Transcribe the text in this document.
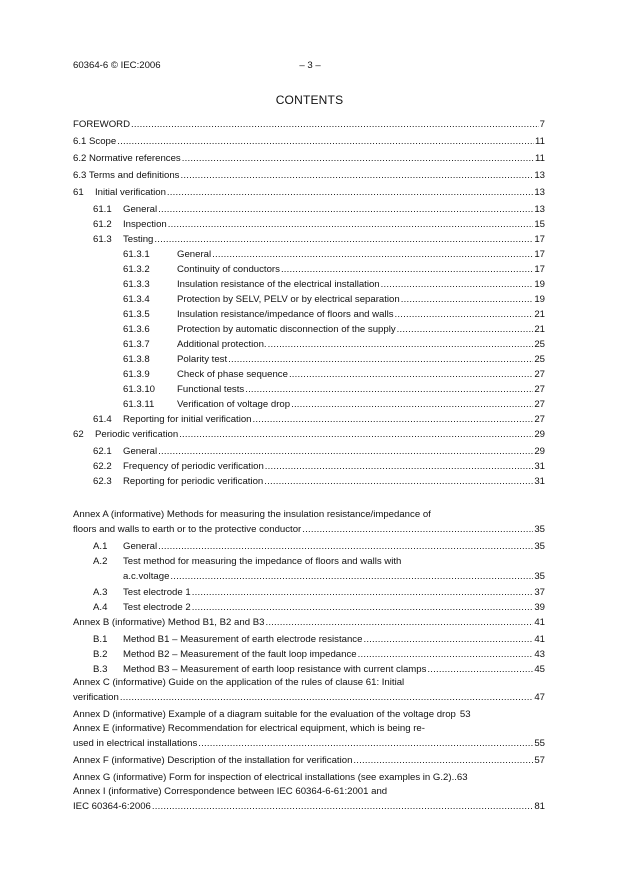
60364-6 © IEC:2006	– 3 –
CONTENTS
FOREWORD .....	7
6.1 Scope .....	11
6.2 Normative references .....	11
6.3 Terms and definitions .....	13
61	Initial verification .....	13
61.1	General .....	13
61.2	Inspection .....	15
61.3	Testing .....	17
61.3.1	General .....	17
61.3.2	Continuity of conductors .....	17
61.3.3	Insulation resistance of the electrical installation .....	19
61.3.4	Protection by SELV, PELV or by electrical separation .....	19
61.3.5	Insulation resistance/impedance of floors and walls .....	21
61.3.6	Protection by automatic disconnection of the supply .....	21
61.3.7	Additional protection. .....	25
61.3.8	Polarity test .....	25
61.3.9	Check of phase sequence .....	27
61.3.10	Functional tests .....	27
61.3.11	Verification of voltage drop .....	27
61.4	Reporting for initial verification .....	27
62	Periodic verification .....	29
62.1	General .....	29
62.2	Frequency of periodic verification .....	31
62.3	Reporting for periodic verification .....	31
Annex A (informative) Methods for measuring the insulation resistance/impedance of
floors and walls to earth or to the protective conductor .....	35
A.1	General .....	35
A.2 Test method for measuring the impedance of floors and walls with
a.c.voltage .....	35
A.3	Test electrode 1 .....	37
A.4	Test electrode 2 .....	39
Annex B (informative) Method B1, B2 and B3 .....	41
B.1	Method B1 – Measurement of earth electrode resistance .....	41
B.2	Method B2 – Measurement of the fault loop impedance .....	43
B.3	Method B3 – Measurement of earth loop resistance with current clamps .....	45
Annex C (informative) Guide on the application of the rules of clause 61: Initial
verification .....	47
Annex D (informative) Example of a diagram suitable for the evaluation of the voltage drop 53
Annex E (informative) Recommendation for electrical equipment, which is being re-
used in electrical installations .....	55
Annex F (informative) Description of the installation for verification .....	57
Annex G (informative) Form for inspection of electrical installations (see examples in G.2) .. 63
Annex I (informative) Correspondence between IEC 60364-6-61:2001 and
IEC 60364-6:2006 .....	81
